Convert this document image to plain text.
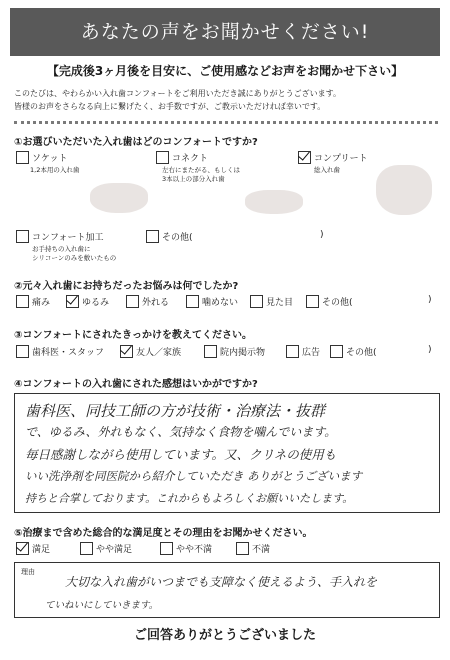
あなたの声をお聞かせください!
【完成後3ヶ月後を目安に、ご使用感などお声をお聞かせ下さい】
このたびは、やわらかい入れ歯コンフォートをご利用いただき誠にありがとうございます。
皆様のお声をさらなる向上に繋げたく、お手数ですが、ご教示いただければ幸いです。
①お選びいただいた入れ歯はどのコンフォートですか?
ソケット
1,2本用の入れ歯
コネクト
左右にまたがる、もしくは
3本以上の部分入れ歯
コンプリート
総入れ歯
コンフォート加工
お手持ちの入れ歯に
シリコーンのみを敷いたもの
その他(	)
②元々入れ歯にお持ちだったお悩みは何でしたか?
痛み	ゆるみ	外れる	噛めない	見た目	その他(	)
③コンフォートにされたきっかけを教えてください。
歯科医・スタッフ	友人／家族	院内掲示物	広告	その他(	)
④コンフォートの入れ歯にされた感想はいかがですか?
歯科医、同技工師の方が技術・治療法・抜群
で、ゆるみ、外れもなく、気持なく食物を噛んでいます。
毎日感謝しながら使用しています。又、クリネの使用も
いい洗浄剤を同医院から紹介していただき ありがとうございます
持ちと合掌しております。これからもよろしくお願いいたします。
⑤治療まで含めた総合的な満足度とその理由をお聞かせください。
満足	やや満足	やや不満	不満
理由
大切な入れ歯がいつまでも支障なく使えるよう、手入れを
ていねいにしていきます。
ご回答ありがとうございました
